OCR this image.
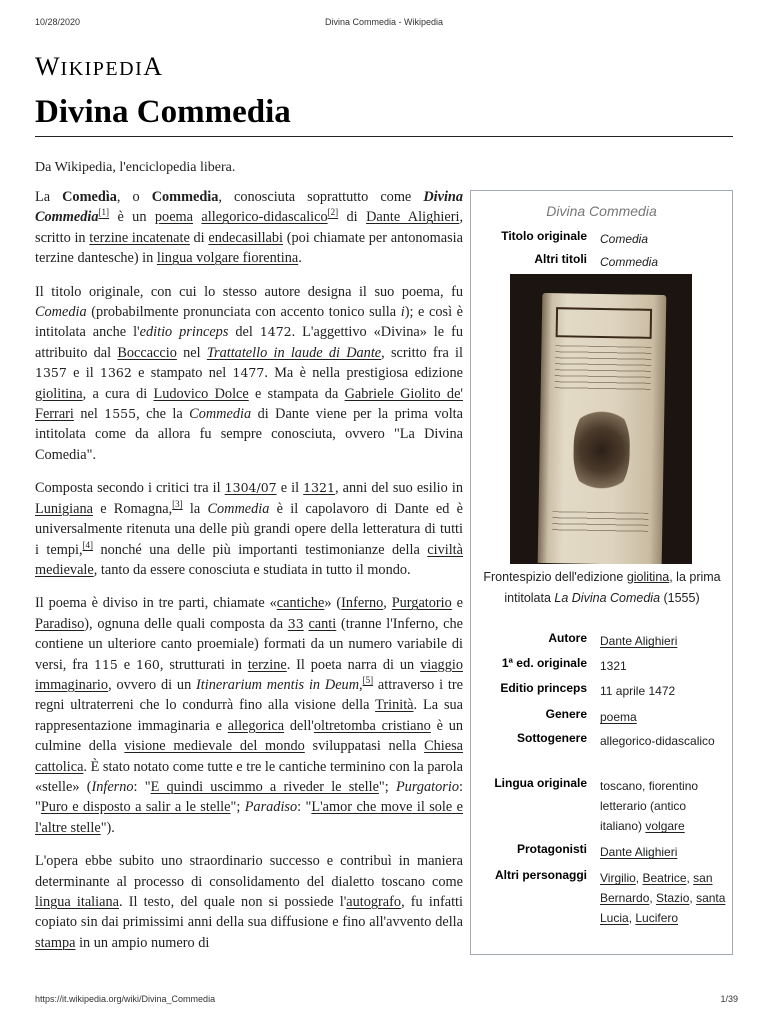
10/28/2020	Divina Commedia - Wikipedia
WIKIPEDIA
Divina Commedia
Da Wikipedia, l'enciclopedia libera.

La Comedìa, o Commedia, conosciuta soprattutto come Divina Commedia[1] è un poema allegorico-didascalico[2] di Dante Alighieri, scritto in terzine incatenate di endecasillabi (poi chiamate per antonomasia terzine dantesche) in lingua volgare fiorentina.

Il titolo originale, con cui lo stesso autore designa il suo poema, fu Comedia (probabilmente pronunciata con accento tonico sulla i); e così è intitolata anche l'editio princeps del 1472. L'aggettivo «Divina» le fu attribuito dal Boccaccio nel Trattatello in laude di Dante, scritto fra il 1357 e il 1362 e stampato nel 1477. Ma è nella prestigiosa edizione giolitina, a cura di Ludovico Dolce e stampata da Gabriele Giolito de' Ferrari nel 1555, che la Commedia di Dante viene per la prima volta intitolata come da allora fu sempre conosciuta, ovvero "La Divina Comedia".

Composta secondo i critici tra il 1304/07 e il 1321, anni del suo esilio in Lunigiana e Romagna,[3] la Commedia è il capolavoro di Dante ed è universalmente ritenuta una delle più grandi opere della letteratura di tutti i tempi,[4] nonché una delle più importanti testimonianze della civiltà medievale, tanto da essere conosciuta e studiata in tutto il mondo.

Il poema è diviso in tre parti, chiamate «cantiche» (Inferno, Purgatorio e Paradiso), ognuna delle quali composta da 33 canti (tranne l'Inferno, che contiene un ulteriore canto proemiale) formati da un numero variabile di versi, fra 115 e 160, strutturati in terzine. Il poeta narra di un viaggio immaginario, ovvero di un Itinerarium mentis in Deum,[5] attraverso i tre regni ultraterreni che lo condurrà fino alla visione della Trinità. La sua rappresentazione immaginaria e allegorica dell'oltretomba cristiano è un culmine della visione medievale del mondo sviluppatasi nella Chiesa cattolica. È stato notato come tutte e tre le cantiche terminino con la parola «stelle» (Inferno: "E quindi uscimmo a riveder le stelle"; Purgatorio: "Puro e disposto a salir a le stelle"; Paradiso: "L'amor che move il sole e l'altre stelle").

L'opera ebbe subito uno straordinario successo e contribuì in maniera determinante al processo di consolidamento del dialetto toscano come lingua italiana. Il testo, del quale non si possiede l'autografo, fu infatti copiato sin dai primissimi anni della sua diffusione e fino all'avvento della stampa in un ampio numero di

Divina Commedia
Titolo originale Comedia
Altri titoli Commedia
Frontespizio dell'edizione giolitina, la prima intitolata La Divina Comedia (1555)
Autore Dante Alighieri
1ª ed. originale 1321
Editio princeps 11 aprile 1472
Genere poema
Sottogenere allegorico-didascalico
Lingua originale toscano, fiorentino letterario (antico italiano) volgare
Protagonisti Dante Alighieri
Altri personaggi Virgilio, Beatrice, san Bernardo, Stazio, santa Lucia, Lucifero
https://it.wikipedia.org/wiki/Divina_Commedia	1/39
